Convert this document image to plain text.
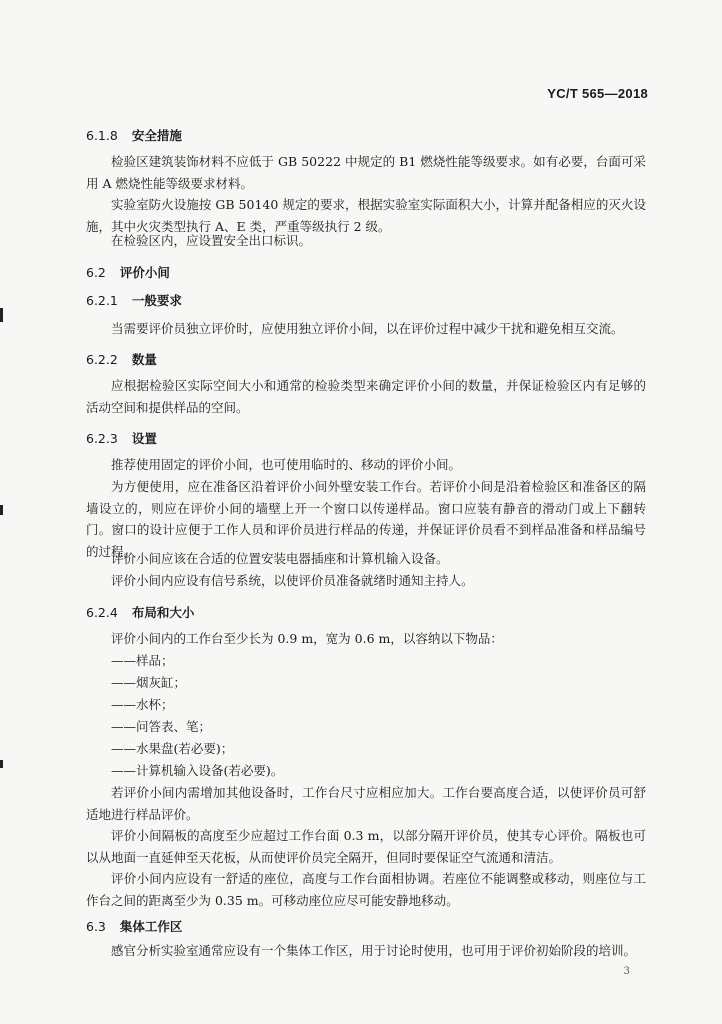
YC/T 565—2018
6.1.8 安全措施

检验区建筑装饰材料不应低于 GB 50222 中规定的 B1 燃烧性能等级要求。如有必要，台面可采用 A 燃烧性能等级要求材料。

实验室防火设施按 GB 50140 规定的要求，根据实验室实际面积大小，计算并配备相应的灭火设施，其中火灾类型执行 A、E 类，严重等级执行 2 级。

在检验区内，应设置安全出口标识。

6.2 评价小间
6.2.1 一般要求

当需要评价员独立评价时，应使用独立评价小间，以在评价过程中减少干扰和避免相互交流。

6.2.2 数量

应根据检验区实际空间大小和通常的检验类型来确定评价小间的数量，并保证检验区内有足够的活动空间和提供样品的空间。

6.2.3 设置

推荐使用固定的评价小间，也可使用临时的、移动的评价小间。

为方便使用，应在准备区沿着评价小间外壁安装工作台。若评价小间是沿着检验区和准备区的隔墙设立的，则应在评价小间的墙壁上开一个窗口以传递样品。窗口应装有静音的滑动门或上下翻转门。窗口的设计应便于工作人员和评价员进行样品的传递，并保证评价员看不到样品准备和样品编号的过程。

评价小间应该在合适的位置安装电器插座和计算机输入设备。

评价小间内应设有信号系统，以使评价员准备就绪时通知主持人。

6.2.4 布局和大小

评价小间内的工作台至少长为 0.9 m，宽为 0.6 m，以容纳以下物品：

——样品；
——烟灰缸；
——水杯；
——问答表、笔；
——水果盘(若必要)；
——计算机输入设备(若必要)。

若评价小间内需增加其他设备时，工作台尺寸应相应加大。工作台要高度合适，以使评价员可舒适地进行样品评价。

评价小间隔板的高度至少应超过工作台面 0.3 m，以部分隔开评价员，使其专心评价。隔板也可以从地面一直延伸至天花板，从而使评价员完全隔开，但同时要保证空气流通和清洁。

评价小间内应设有一舒适的座位，高度与工作台面相协调。若座位不能调整或移动，则座位与工作台之间的距离至少为 0.35 m。可移动座位应尽可能安静地移动。

6.3 集体工作区

感官分析实验室通常应设有一个集体工作区，用于讨论时使用，也可用于评价初始阶段的培训。

3
